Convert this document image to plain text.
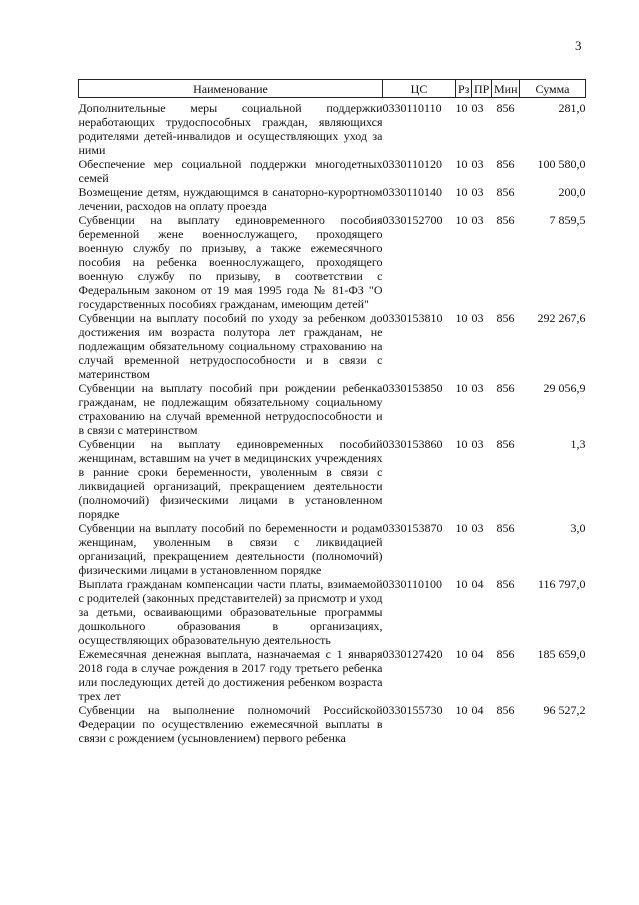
3
Наименование	ЦС	Рз	ПР	Мин	Сумма
Дополнительные меры социальной поддержки неработающих трудоспособных граждан, являющихся родителями детей-инвалидов и осуществляющих уход за ними	0330110110	10	03	856	281,0
Обеспечение мер социальной поддержки многодетных семей	0330110120	10	03	856	100 580,0
Возмещение детям, нуждающимся в санаторно-курортном лечении, расходов на оплату проезда	0330110140	10	03	856	200,0
Субвенции на выплату единовременного пособия беременной жене военнослужащего, проходящего военную службу по призыву, а также ежемесячного пособия на ребенка военнослужащего, проходящего военную службу по призыву, в соответствии с Федеральным законом от 19 мая 1995 года № 81-ФЗ "О государственных пособиях гражданам, имеющим детей"	0330152700	10	03	856	7 859,5
Субвенции на выплату пособий по уходу за ребенком до достижения им возраста полутора лет гражданам, не подлежащим обязательному социальному страхованию на случай временной нетрудоспособности и в связи с материнством	0330153810	10	03	856	292 267,6
Субвенции на выплату пособий при рождении ребенка гражданам, не подлежащим обязательному социальному страхованию на случай временной нетрудоспособности и в связи с материнством	0330153850	10	03	856	29 056,9
Субвенции на выплату единовременных пособий женщинам, вставшим на учет в медицинских учреждениях в ранние сроки беременности, уволенным в связи с ликвидацией организаций, прекращением деятельности (полномочий) физическими лицами в установленном порядке	0330153860	10	03	856	1,3
Субвенции на выплату пособий по беременности и родам женщинам, уволенным в связи с ликвидацией организаций, прекращением деятельности (полномочий) физическими лицами в установленном порядке	0330153870	10	03	856	3,0
Выплата гражданам компенсации части платы, взимаемой с родителей (законных представителей) за присмотр и уход за детьми, осваивающими образовательные программы дошкольного образования в организациях, осуществляющих образовательную деятельность	0330110100	10	04	856	116 797,0
Ежемесячная денежная выплата, назначаемая с 1 января 2018 года в случае рождения в 2017 году третьего ребенка или последующих детей до достижения ребенком возраста трех лет	0330127420	10	04	856	185 659,0
Субвенции на выполнение полномочий Российской Федерации по осуществлению ежемесячной выплаты в связи с рождением (усыновлением) первого ребенка	0330155730	10	04	856	96 527,2
